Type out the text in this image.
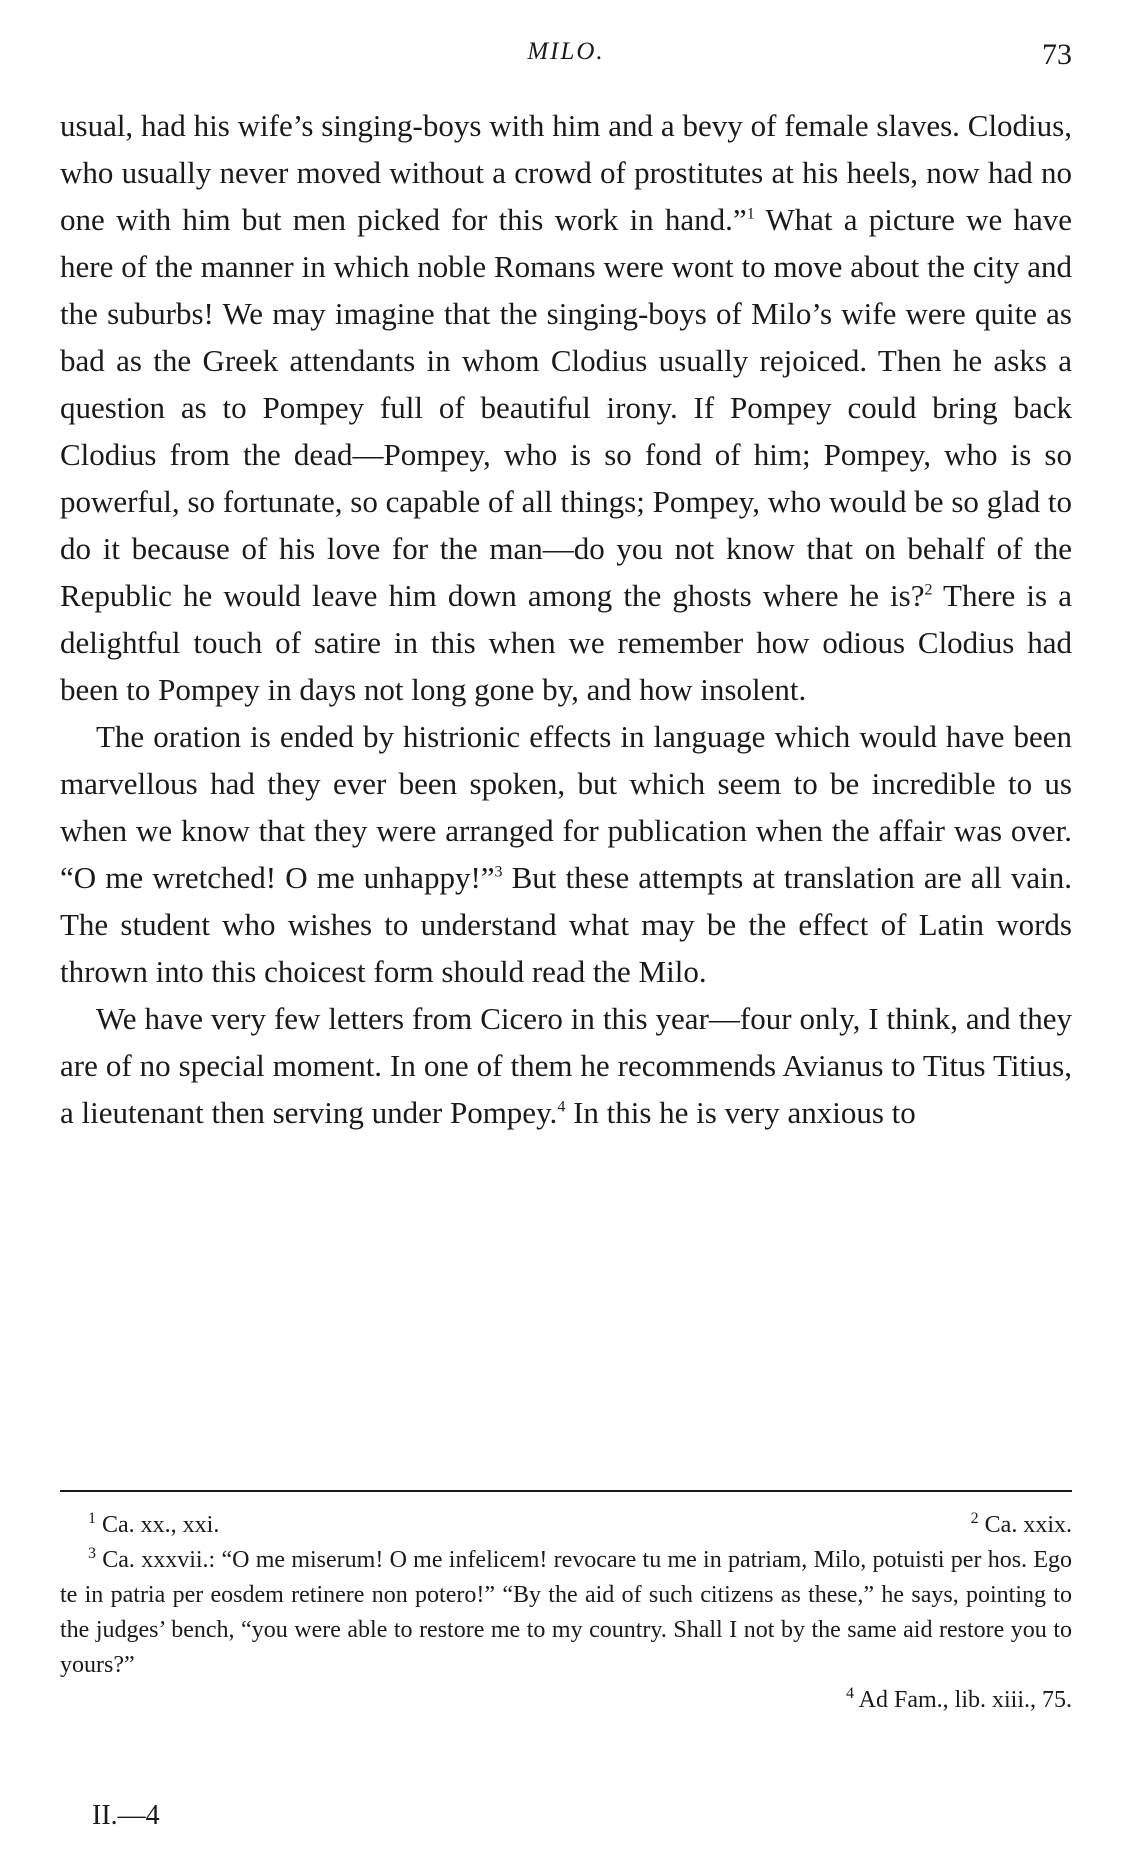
MILO.	73

usual, had his wife’s singing-boys with him and a bevy of female slaves. Clodius, who usually never moved without a crowd of prostitutes at his heels, now had no one with him but men picked for this work in hand.”$^1$ What a picture we have here of the manner in which noble Romans were wont to move about the city and the suburbs! We may imagine that the singing-boys of Milo’s wife were quite as bad as the Greek attendants in whom Clodius usually rejoiced. Then he asks a question as to Pompey full of beautiful irony. If Pompey could bring back Clodius from the dead—Pompey, who is so fond of him; Pompey, who is so powerful, so fortunate, so capable of all things; Pompey, who would be so glad to do it because of his love for the man—do you not know that on behalf of the Republic he would leave him down among the ghosts where he is?$^2$ There is a delightful touch of satire in this when we remember how odious Clodius had been to Pompey in days not long gone by, and how insolent.

The oration is ended by histrionic effects in language which would have been marvellous had they ever been spoken, but which seem to be incredible to us when we know that they were arranged for publication when the affair was over. “O me wretched! O me unhappy!”$^3$ But these attempts at translation are all vain. The student who wishes to understand what may be the effect of Latin words thrown into this choicest form should read the Milo.

We have very few letters from Cicero in this year—four only, I think, and they are of no special moment. In one of them he recommends Avianus to Titus Titius, a lieutenant then serving under Pompey.$^4$ In this he is very anxious to

$^1$ Ca. xx., xxi.	$^2$ Ca. xxix.
$^3$ Ca. xxxvii.: “O me miserum! O me infelicem! revocare tu me in patriam, Milo, potuisti per hos. Ego te in patria per eosdem retinere non potero!” “By the aid of such citizens as these,” he says, pointing to the judges’ bench, “you were able to restore me to my country. Shall I not by the same aid restore you to yours?”
$^4$ Ad Fam., lib. xiii., 75.
II.—4
